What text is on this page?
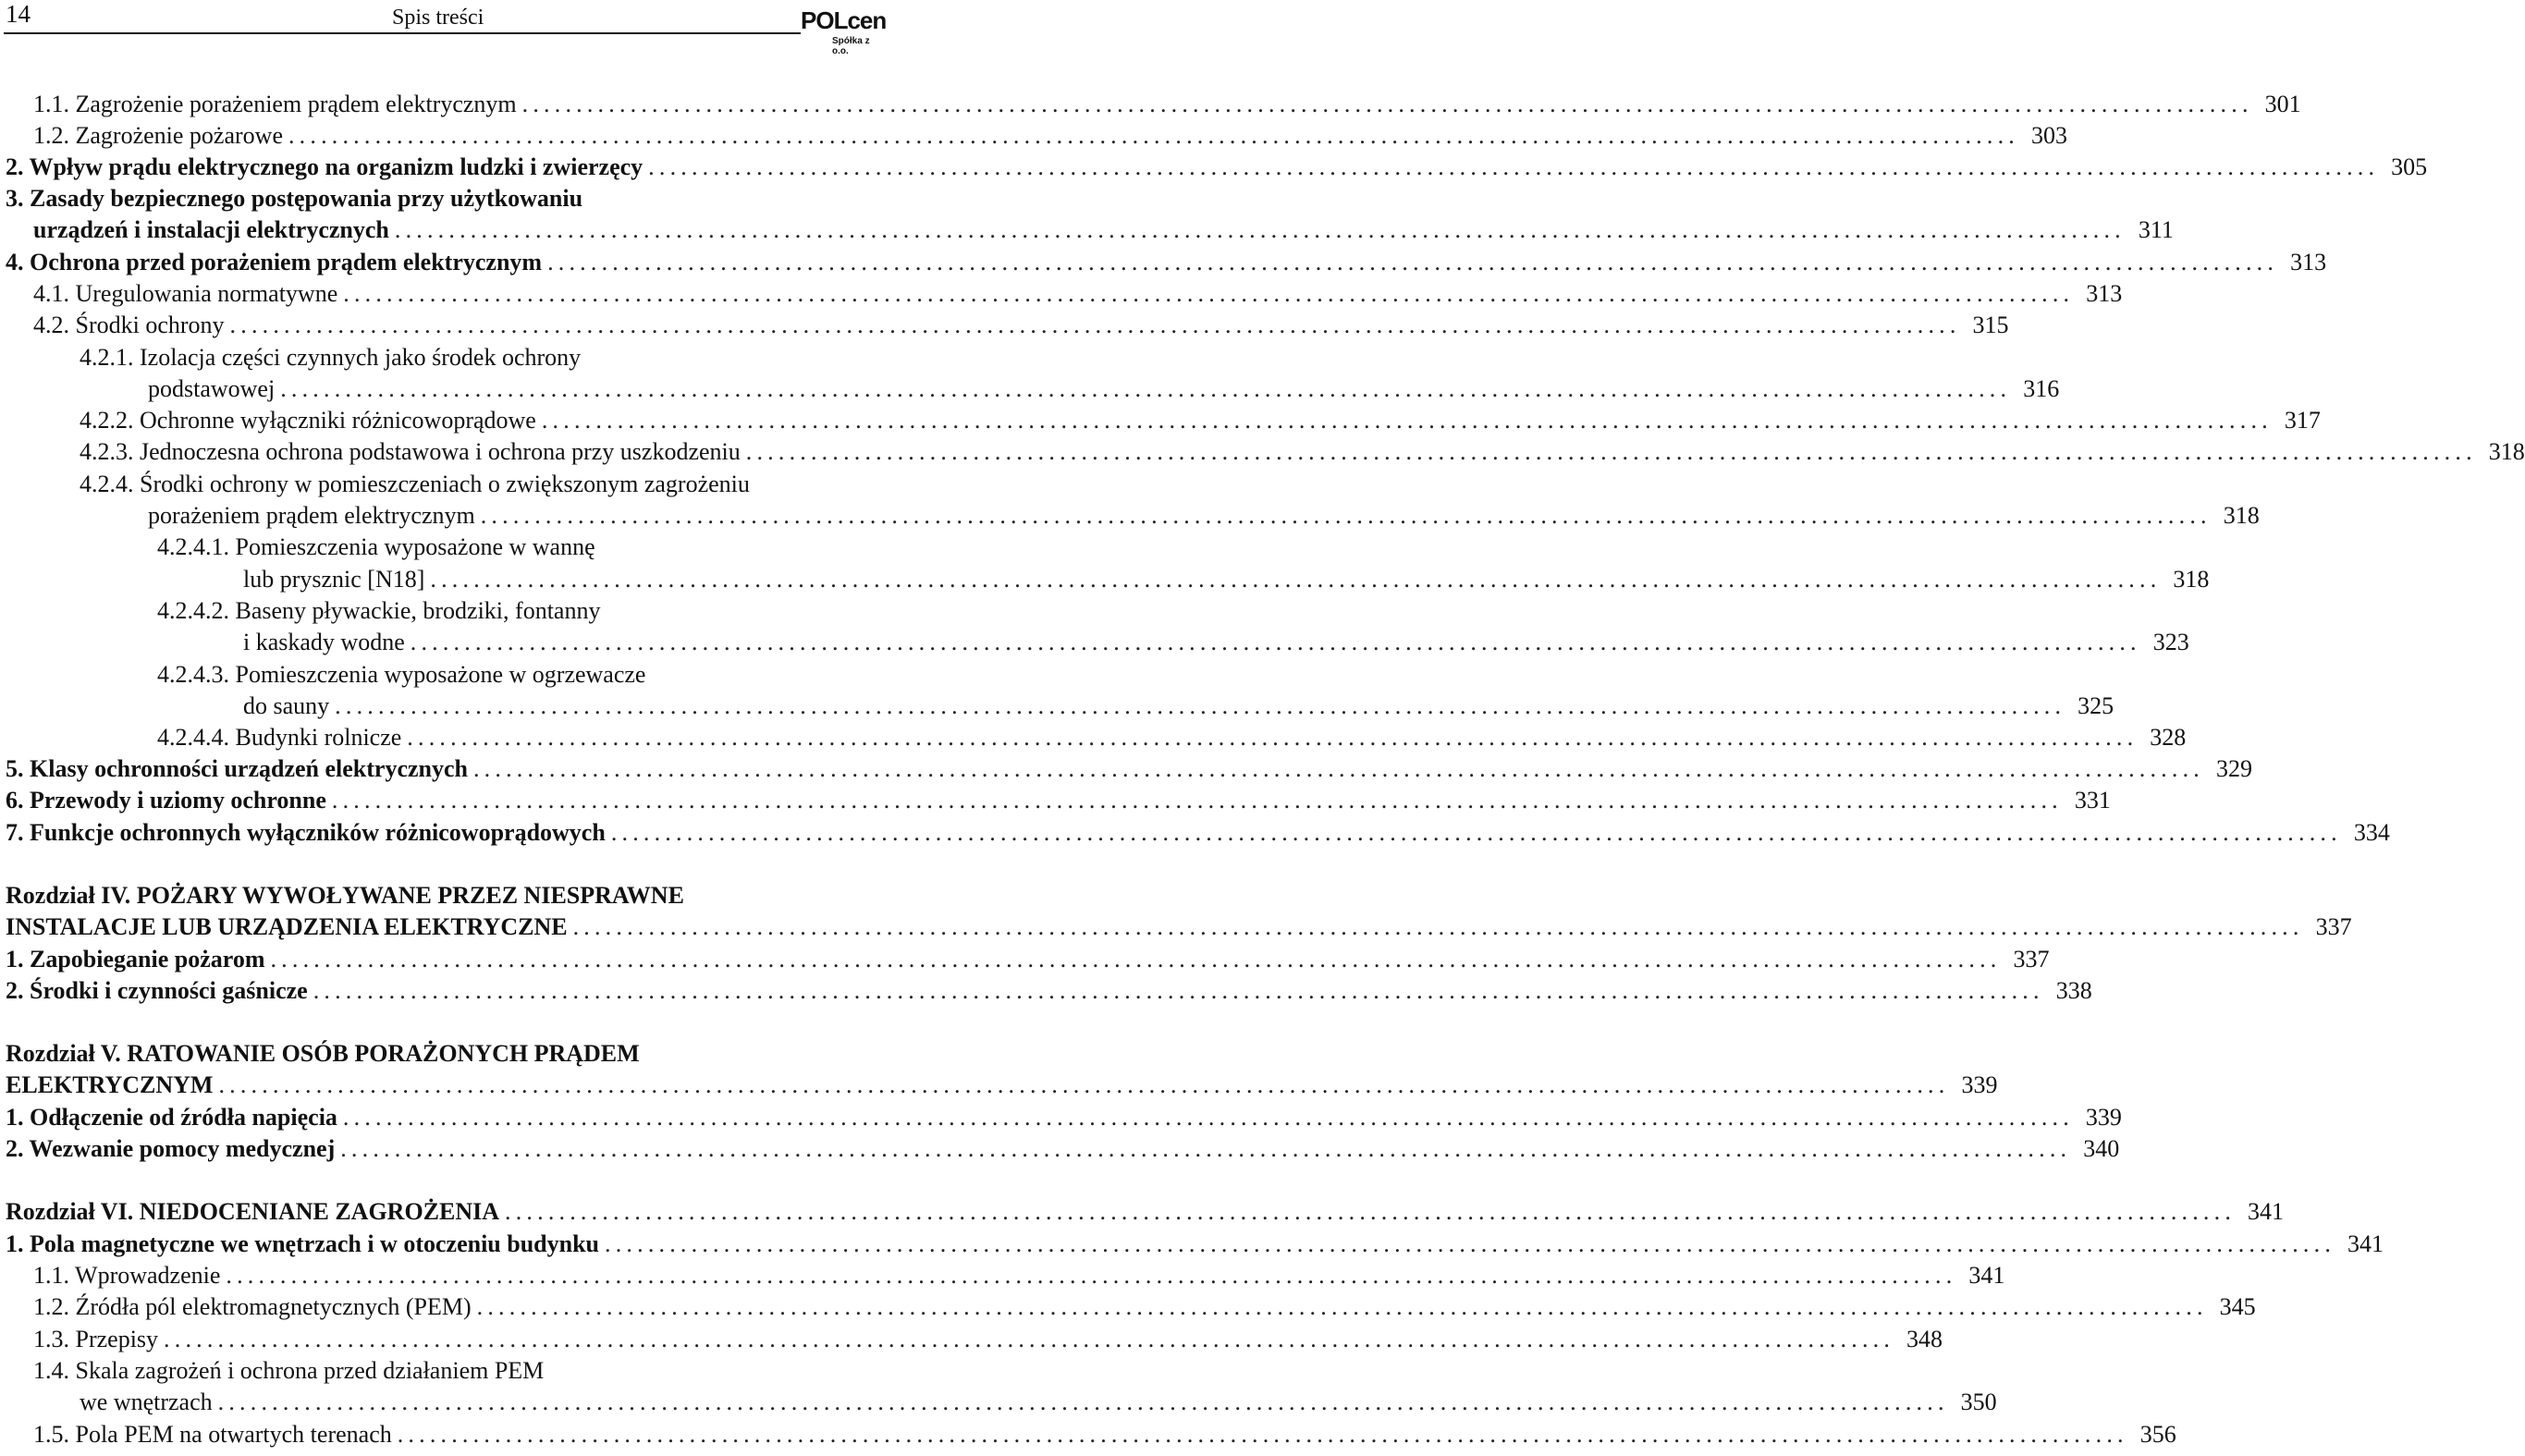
14	Spis treści	POLcen
Spółka z o.o.
1.1. Zagrożenie porażeniem prądem elektrycznym ................................................................................................................................................................ 301
1.2. Zagrożenie pożarowe ................................................................................................................................................................ 303
2. Wpływ prądu elektrycznego na organizm ludzki i zwierzęcy ................................................................................................................................................................ 305
3. Zasady bezpiecznego postępowania przy użytkowaniu
urządzeń i instalacji elektrycznych ................................................................................................................................................................ 311
4. Ochrona przed porażeniem prądem elektrycznym ................................................................................................................................................................ 313
4.1. Uregulowania normatywne ................................................................................................................................................................ 313
4.2. Środki ochrony ................................................................................................................................................................ 315
4.2.1. Izolacja części czynnych jako środek ochrony
podstawowej ................................................................................................................................................................ 316
4.2.2. Ochronne wyłączniki różnicowoprądowe ................................................................................................................................................................ 317
4.2.3. Jednoczesna ochrona podstawowa i ochrona przy uszkodzeniu ................................................................................................................................................................ 318
4.2.4. Środki ochrony w pomieszczeniach o zwiększonym zagrożeniu
porażeniem prądem elektrycznym ................................................................................................................................................................ 318
4.2.4.1. Pomieszczenia wyposażone w wannę
lub prysznic [N18] ................................................................................................................................................................ 318
4.2.4.2. Baseny pływackie, brodziki, fontanny
i kaskady wodne ................................................................................................................................................................ 323
4.2.4.3. Pomieszczenia wyposażone w ogrzewacze
do sauny ................................................................................................................................................................ 325
4.2.4.4. Budynki rolnicze ................................................................................................................................................................ 328
5. Klasy ochronności urządzeń elektrycznych ................................................................................................................................................................ 329
6. Przewody i uziomy ochronne ................................................................................................................................................................ 331
7. Funkcje ochronnych wyłączników różnicowoprądowych ................................................................................................................................................................ 334
Rozdział IV. POŻARY WYWOŁYWANE PRZEZ NIESPRAWNE
INSTALACJE LUB URZĄDZENIA ELEKTRYCZNE ................................................................................................................................................................ 337
1. Zapobieganie pożarom ................................................................................................................................................................ 337
2. Środki i czynności gaśnicze ................................................................................................................................................................ 338
Rozdział V. RATOWANIE OSÓB PORAŻONYCH PRĄDEM
ELEKTRYCZNYM ................................................................................................................................................................ 339
1. Odłączenie od źródła napięcia ................................................................................................................................................................ 339
2. Wezwanie pomocy medycznej ................................................................................................................................................................ 340
Rozdział VI. NIEDOCENIANE ZAGROŻENIA ................................................................................................................................................................ 341
1. Pola magnetyczne we wnętrzach i w otoczeniu budynku ................................................................................................................................................................ 341
1.1. Wprowadzenie ................................................................................................................................................................ 341
1.2. Źródła pól elektromagnetycznych (PEM) ................................................................................................................................................................ 345
1.3. Przepisy ................................................................................................................................................................ 348
1.4. Skala zagrożeń i ochrona przed działaniem PEM
we wnętrzach ................................................................................................................................................................ 350
1.5. Pola PEM na otwartych terenach ................................................................................................................................................................ 356
